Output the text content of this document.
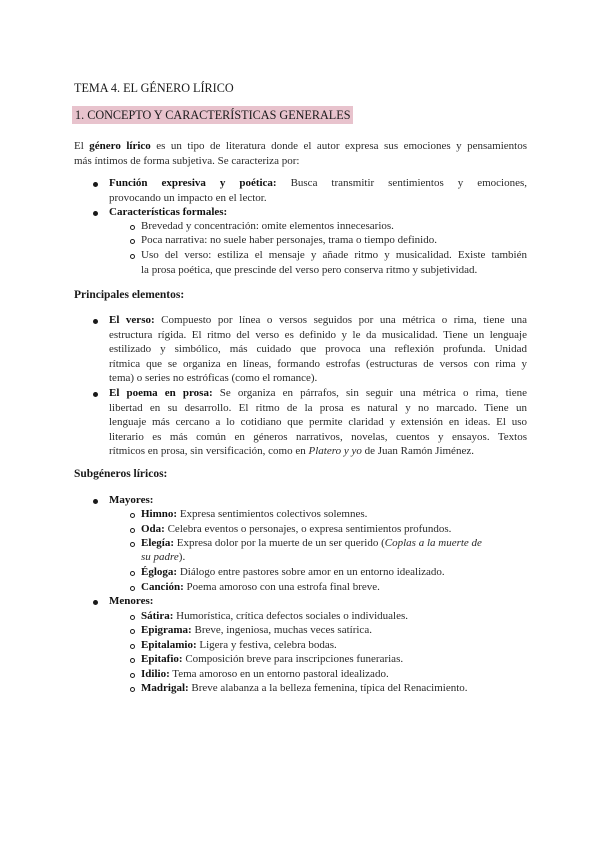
TEMA 4. EL GÉNERO LÍRICO
1. CONCEPTO Y CARACTERÍSTICAS GENERALES
El género lírico es un tipo de literatura donde el autor expresa sus emociones y pensamientos
más íntimos de forma subjetiva. Se caracteriza por:
Función expresiva y poética: Busca transmitir sentimientos y emociones,
provocando un impacto en el lector.
Características formales:
Brevedad y concentración: omite elementos innecesarios.
Poca narrativa: no suele haber personajes, trama o tiempo definido.
Uso del verso: estiliza el mensaje y añade ritmo y musicalidad. Existe también
la prosa poética, que prescinde del verso pero conserva ritmo y subjetividad.
Principales elementos:
El verso: Compuesto por línea o versos seguidos por una métrica o rima, tiene una
estructura rígida. El ritmo del verso es definido y le da musicalidad. Tiene un lenguaje
estilizado y simbólico, más cuidado que provoca una reflexión profunda. Unidad
rítmica que se organiza en líneas, formando estrofas (estructuras de versos con rima y
tema) o series no estróficas (como el romance).
El poema en prosa: Se organiza en párrafos, sin seguir una métrica o rima, tiene
libertad en su desarrollo. El ritmo de la prosa es natural y no marcado. Tiene un
lenguaje más cercano a lo cotidiano que permite claridad y extensión en ideas. El uso
literario es más común en géneros narrativos, novelas, cuentos y ensayos. Textos
rítmicos en prosa, sin versificación, como en Platero y yo de Juan Ramón Jiménez.
Subgéneros líricos:
Mayores:
Himno: Expresa sentimientos colectivos solemnes.
Oda: Celebra eventos o personajes, o expresa sentimientos profundos.
Elegía: Expresa dolor por la muerte de un ser querido (Coplas a la muerte de
su padre).
Égloga: Diálogo entre pastores sobre amor en un entorno idealizado.
Canción: Poema amoroso con una estrofa final breve.
Menores:
Sátira: Humorística, crítica defectos sociales o individuales.
Epigrama: Breve, ingeniosa, muchas veces satírica.
Epitalamio: Ligera y festiva, celebra bodas.
Epitafio: Composición breve para inscripciones funerarias.
Idilio: Tema amoroso en un entorno pastoral idealizado.
Madrigal: Breve alabanza a la belleza femenina, típica del Renacimiento.
